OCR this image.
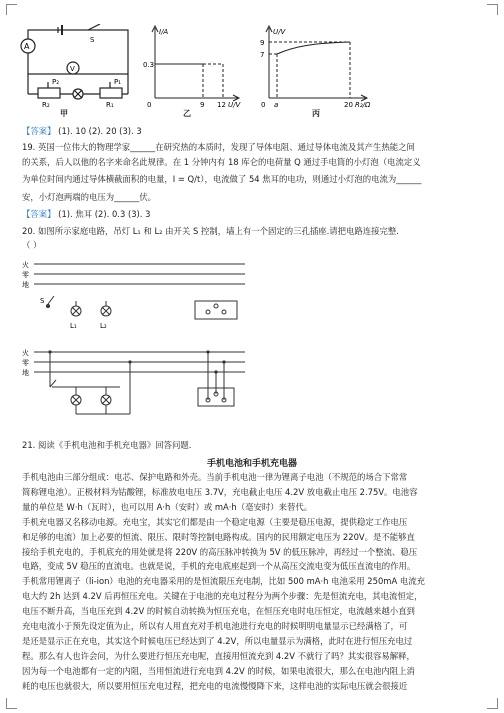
A
V
S
P₂	P₁
R₂	R₁
甲
I/A
0.3
0	9 12 U/V
乙
U/V
9
7
0 a	20 R₂/Ω
丙
【答案】 (1). 10 (2). 20 (3). 3
19. 英国一位伟大的物理学家______在研究热的本质时，发现了导体电阻、通过导体电流及其产生热能之间
的关系，后人以他的名字来命名此规律。在 1 分钟内有 18 库仑的电荷量 Q 通过手电筒的小灯泡（电流定义
为单位时间内通过导体横截面积的电量，I = Q/t），电流做了 54 焦耳的电功，则通过小灯泡的电流为______
安，小灯泡两端的电压为______伏。
【答案】 (1). 焦耳 (2). 0.3 (3). 3
20. 如图所示家庭电路，吊灯 L₁ 和 L₂ 由开关 S 控制，墙上有一个固定的三孔插座.请把电路连接完整.
（ ）
火
零
地
S
L₁	L₂
火
零
地
21. 阅读《手机电池和手机充电器》回答问题.
手机电池和手机充电器
手机电池由三部分组成：电芯、保护电路和外壳。当前手机电池一律为锂离子电池（不规范的场合下常常
简称锂电池）。正极材料为钴酸锂，标准放电电压 3.7V，充电截止电压 4.2V 放电截止电压 2.75V。电池容
量的单位是 W·h（瓦时），也可以用 A·h（安时）或 mA·h（毫安时）来替代。
手机充电器又名移动电源。充电宝，其实它们都是由一个稳定电源（主要是稳压电源，提供稳定工作电压
和足够的电流）加上必要的恒流、限压、限时等控制电路构成。国内的民用额定电压为 220V。是不能够直
接给手机充电的，手机底充的用处就是将 220V 的高压脉冲转换为 5V 的低压脉冲，再经过一个整流、稳压
电路，变成 5V 稳压的直流电。也就是说，手机的充电底座起到一个从高压交流电变为低压直流电的作用。
手机常用锂离子（li-ion）电池的充电器采用的是恒流限压充电制，比如 500 mA·h 电池采用 250mA 电流充
电大约 2h 达到 4.2V 后再恒压充电。关键在于电池的充电过程分为两个步骤：先是恒流充电，其电流恒定，
电压不断升高，当电压充到 4.2V 的时候自动转换为恒压充电，在恒压充电时电压恒定，电流越来越小直到
充电电流小于预先设定值为止，所以有人用直充对手机电池进行充电的时候明明电量显示已经满格了，可
是还是显示正在充电，其实这个时候电压已经达到了 4.2V，所以电量显示为满格，此时在进行恒压充电过
程。那么有人也许会问，为什么要进行恒压充电呢，直接用恒流充到 4.2V 不就行了吗？其实很容易解释，
因为每一个电池都有一定的内阻，当用恒流进行充电到 4.2V 的时候，如果电流很大，那么在电池内阻上消
耗的电压也就很大，所以要用恒压充电过程，把充电的电流慢慢降下来，这样电池的实际电压就会很接近
